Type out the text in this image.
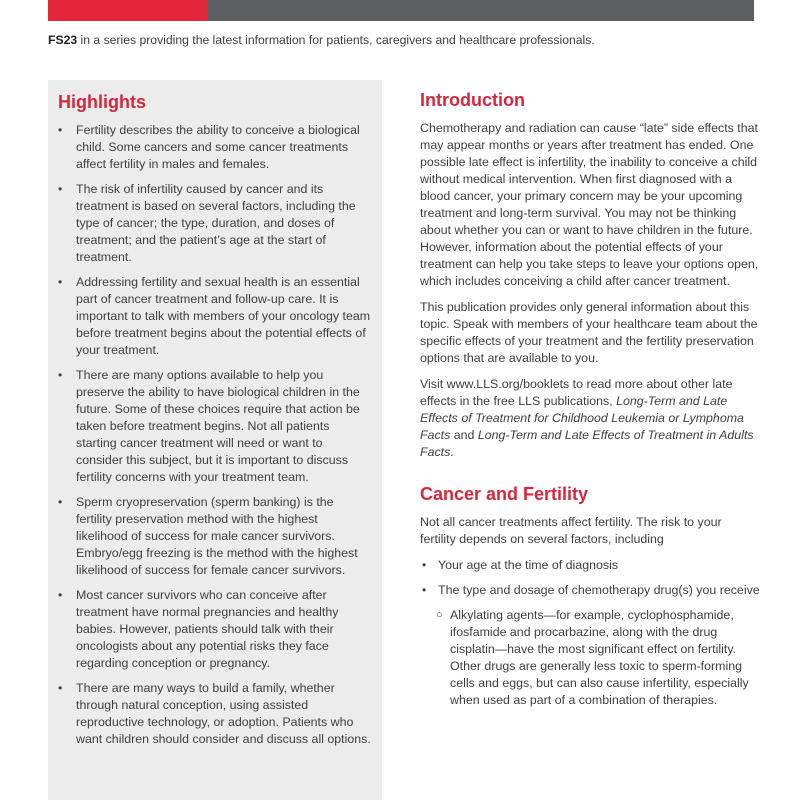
FS23 in a series providing the latest information for patients, caregivers and healthcare professionals.
Highlights
• Fertility describes the ability to conceive a biological child. Some cancers and some cancer treatments affect fertility in males and females.
• The risk of infertility caused by cancer and its treatment is based on several factors, including the type of cancer; the type, duration, and doses of treatment; and the patient’s age at the start of treatment.
• Addressing fertility and sexual health is an essential part of cancer treatment and follow-up care. It is important to talk with members of your oncology team before treatment begins about the potential effects of your treatment.
• There are many options available to help you preserve the ability to have biological children in the future. Some of these choices require that action be taken before treatment begins. Not all patients starting cancer treatment will need or want to consider this subject, but it is important to discuss fertility concerns with your treatment team.
• Sperm cryopreservation (sperm banking) is the fertility preservation method with the highest likelihood of success for male cancer survivors. Embryo/egg freezing is the method with the highest likelihood of success for female cancer survivors.
• Most cancer survivors who can conceive after treatment have normal pregnancies and healthy babies. However, patients should talk with their oncologists about any potential risks they face regarding conception or pregnancy.
• There are many ways to build a family, whether through natural conception, using assisted reproductive technology, or adoption. Patients who want children should consider and discuss all options.
Introduction

Chemotherapy and radiation can cause “late” side effects that may appear months or years after treatment has ended. One possible late effect is infertility, the inability to conceive a child without medical intervention. When first diagnosed with a blood cancer, your primary concern may be your upcoming treatment and long-term survival. You may not be thinking about whether you can or want to have children in the future. However, information about the potential effects of your treatment can help you take steps to leave your options open, which includes conceiving a child after cancer treatment.

This publication provides only general information about this topic. Speak with members of your healthcare team about the specific effects of your treatment and the fertility preservation options that are available to you.

Visit www.LLS.org/booklets to read more about other late effects in the free LLS publications, Long-Term and Late Effects of Treatment for Childhood Leukemia or Lymphoma Facts and Long-Term and Late Effects of Treatment in Adults Facts.

Cancer and Fertility

Not all cancer treatments affect fertility. The risk to your fertility depends on several factors, including

• Your age at the time of diagnosis
• The type and dosage of chemotherapy drug(s) you receive
○ Alkylating agents—for example, cyclophosphamide, ifosfamide and procarbazine, along with the drug cisplatin—have the most significant effect on fertility. Other drugs are generally less toxic to sperm-forming cells and eggs, but can also cause infertility, especially when used as part of a combination of therapies.
